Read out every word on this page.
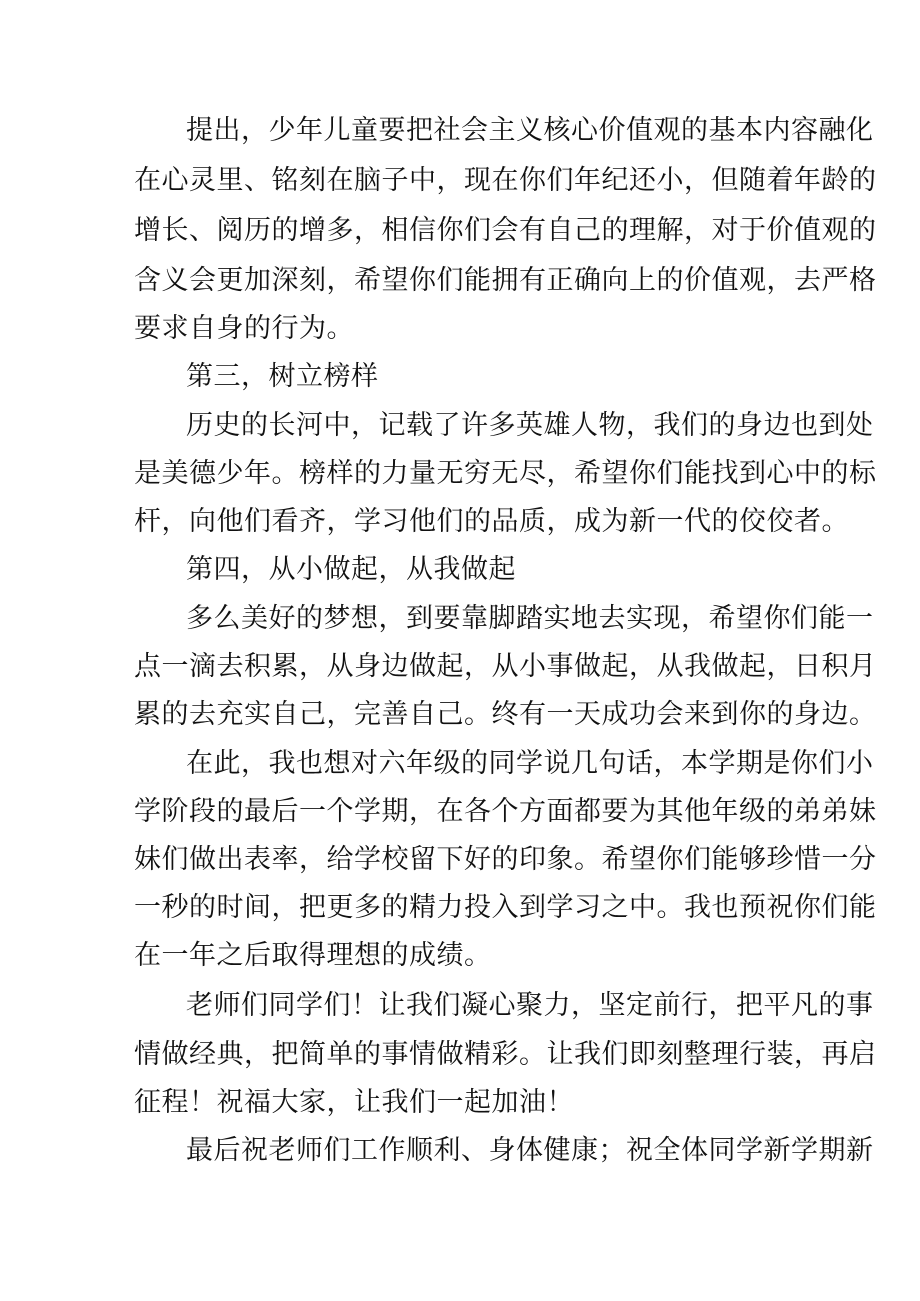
提出，少年儿童要把社会主义核心价值观的基本内容融化
在心灵里、铭刻在脑子中，现在你们年纪还小，但随着年龄的
增长、阅历的增多，相信你们会有自己的理解，对于价值观的
含义会更加深刻，希望你们能拥有正确向上的价值观，去严格
要求自身的行为。
第三，树立榜样
历史的长河中，记载了许多英雄人物，我们的身边也到处
是美德少年。榜样的力量无穷无尽，希望你们能找到心中的标
杆，向他们看齐，学习他们的品质，成为新一代的佼佼者。
第四，从小做起，从我做起
多么美好的梦想，到要靠脚踏实地去实现，希望你们能一
点一滴去积累，从身边做起，从小事做起，从我做起，日积月
累的去充实自己，完善自己。终有一天成功会来到你的身边。
在此，我也想对六年级的同学说几句话，本学期是你们小
学阶段的最后一个学期，在各个方面都要为其他年级的弟弟妹
妹们做出表率，给学校留下好的印象。希望你们能够珍惜一分
一秒的时间，把更多的精力投入到学习之中。我也预祝你们能
在一年之后取得理想的成绩。
老师们同学们！让我们凝心聚力，坚定前行，把平凡的事
情做经典，把简单的事情做精彩。让我们即刻整理行装，再启
征程！祝福大家，让我们一起加油！
最后祝老师们工作顺利、身体健康；祝全体同学新学期新
